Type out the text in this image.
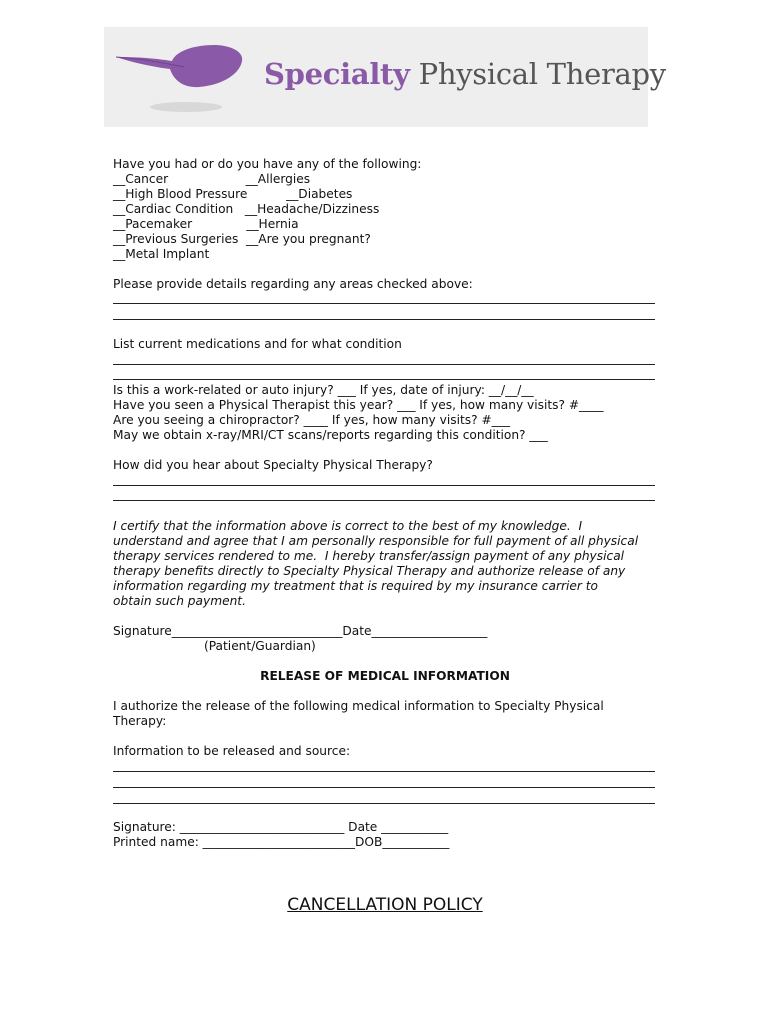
Specialty Physical Therapy
Have you had or do you have any of the following:
__Cancer                    __Allergies
__High Blood Pressure          __Diabetes
__Cardiac Condition   __Headache/Dizziness
__Pacemaker              __Hernia
__Previous Surgeries  __Are you pregnant?
__Metal Implant
Please provide details regarding any areas checked above:
List current medications and for what condition
Is this a work-related or auto injury? ___ If yes, date of injury: __/__/__
Have you seen a Physical Therapist this year? ___ If yes, how many visits? #____
Are you seeing a chiropractor? ____ If yes, how many visits? #___
May we obtain x-ray/MRI/CT scans/reports regarding this condition? ___
How did you hear about Specialty Physical Therapy?
I certify that the information above is correct to the best of my knowledge.  I
understand and agree that I am personally responsible for full payment of all physical
therapy services rendered to me.  I hereby transfer/assign payment of any physical
therapy benefits directly to Specialty Physical Therapy and authorize release of any
information regarding my treatment that is required by my insurance carrier to
obtain such payment.
Signature____________________________Date___________________
(Patient/Guardian)
RELEASE OF MEDICAL INFORMATION
I authorize the release of the following medical information to Specialty Physical
Therapy:
Information to be released and source:
Signature: ___________________________ Date ___________
Printed name: _________________________DOB___________
CANCELLATION POLICY
